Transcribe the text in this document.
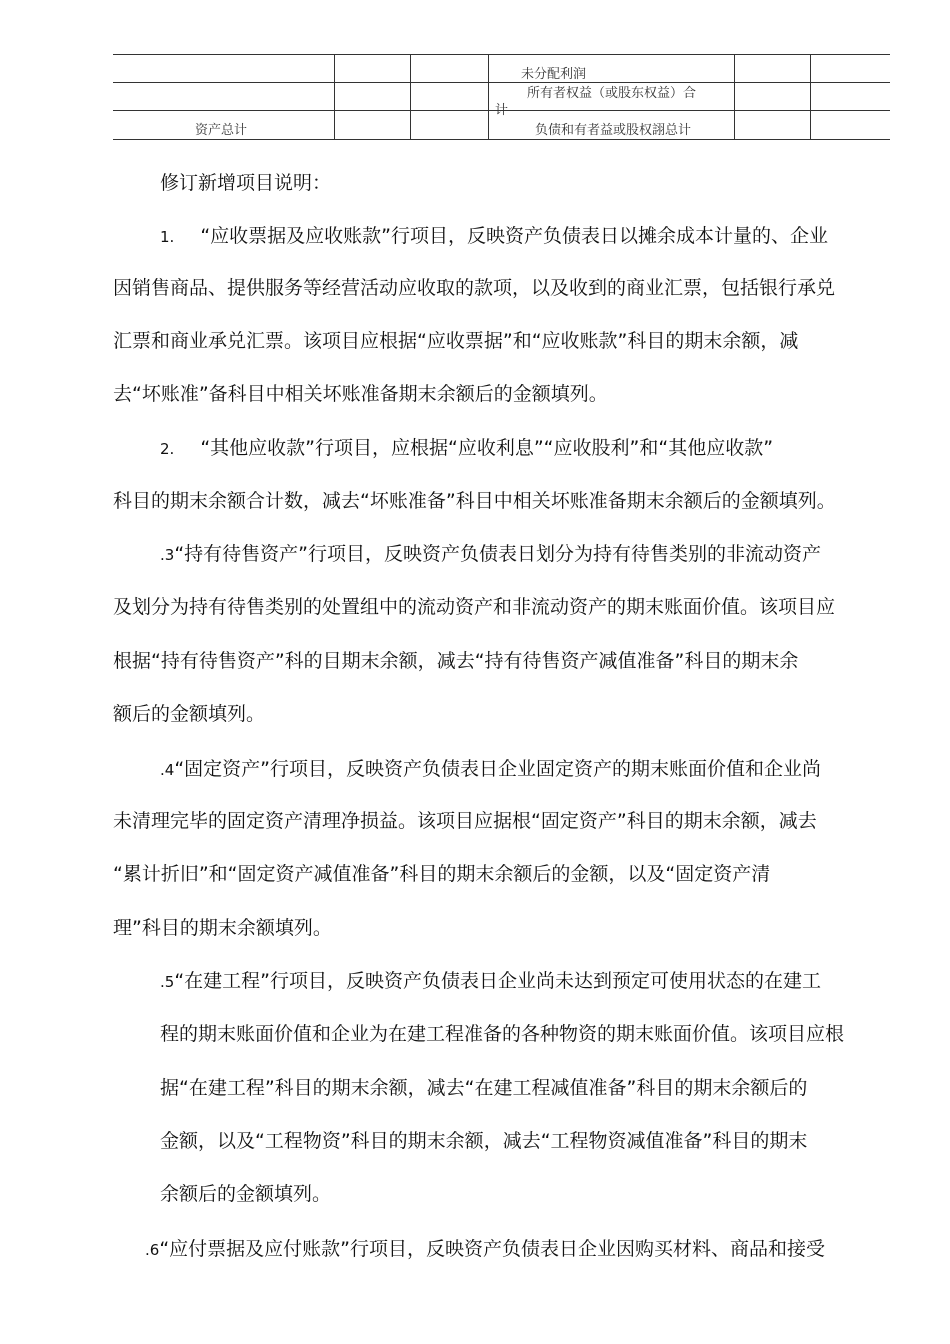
未分配利润
所有者权益（或股东权益）合
计
资产总计	负债和有者益或股权詡总计
修订新增项目说明：
1. “应收票据及应收账款”行项目，反映资产负债表日以摊余成本计量的、企业
因销售商品、提供服务等经营活动应收取的款项，以及收到的商业汇票，包括银行承兑
汇票和商业承兑汇票。该项目应根据“应收票据”和“应收账款”科目的期末余额，减
去“坏账准”备科目中相关坏账准备期末余额后的金额填列。
2. “其他应收款”行项目，应根据“应收利息”“应收股利”和“其他应收款”
科目的期末余额合计数，减去“坏账准备”科目中相关坏账准备期末余额后的金额填列。
.3“持有待售资产”行项目，反映资产负债表日划分为持有待售类别的非流动资产
及划分为持有待售类别的处置组中的流动资产和非流动资产的期末账面价值。该项目应
根据“持有待售资产”科的目期末余额，减去“持有待售资产减值准备”科目的期末余
额后的金额填列。
.4“固定资产”行项目，反映资产负债表日企业固定资产的期末账面价值和企业尚
未清理完毕的固定资产清理净损益。该项目应据根“固定资产”科目的期末余额，减去
“累计折旧”和“固定资产减值准备”科目的期末余额后的金额，以及“固定资产清
理”科目的期末余额填列。
.5“在建工程”行项目，反映资产负债表日企业尚未达到预定可使用状态的在建工
程的期末账面价值和企业为在建工程准备的各种物资的期末账面价值。该项目应根
据“在建工程”科目的期末余额，减去“在建工程减值准备”科目的期末余额后的
金额，以及“工程物资”科目的期末余额，减去“工程物资减值准备”科目的期末
余额后的金额填列。
.6“应付票据及应付账款”行项目，反映资产负债表日企业因购买材料、商品和接受
